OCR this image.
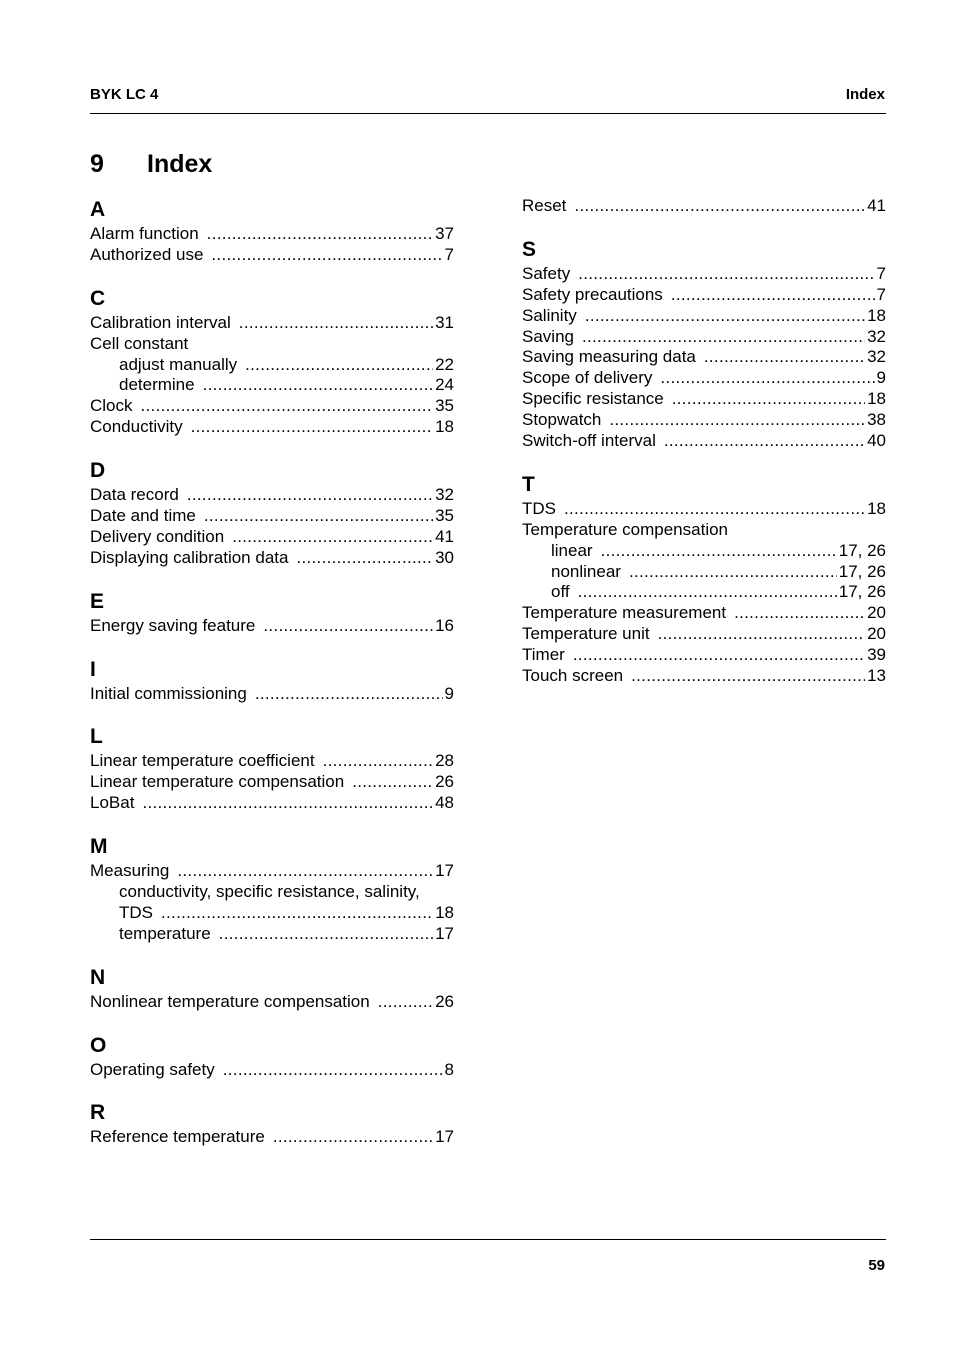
BYK LC 4	Index
9	Index
A
Alarm function .....	37
Authorized use .....	7
C
Calibration interval .....	31
Cell constant
adjust manually .....	22
determine .....	24
Clock .....	35
Conductivity .....	18
D
Data record .....	32
Date and time .....	35
Delivery condition .....	41
Displaying calibration data .....	30
E
Energy saving feature .....	16
I
Initial commissioning .....	9
L
Linear temperature coefficient .....	28
Linear temperature compensation .....	26
LoBat .....	48
M
Measuring .....	17
conductivity, specific resistance, salinity,
TDS .....	18
temperature .....	17
N
Nonlinear temperature compensation .....	26
O
Operating safety .....	8
R
Reference temperature .....	17
Reset .....	41
S
Safety .....	7
Safety precautions .....	7
Salinity .....	18
Saving .....	32
Saving measuring data .....	32
Scope of delivery .....	9
Specific resistance .....	18
Stopwatch .....	38
Switch-off interval .....	40
T
TDS .....	18
Temperature compensation
linear .....	17, 26
nonlinear .....	17, 26
off .....	17, 26
Temperature measurement .....	20
Temperature unit .....	20
Timer .....	39
Touch screen .....	13
59
